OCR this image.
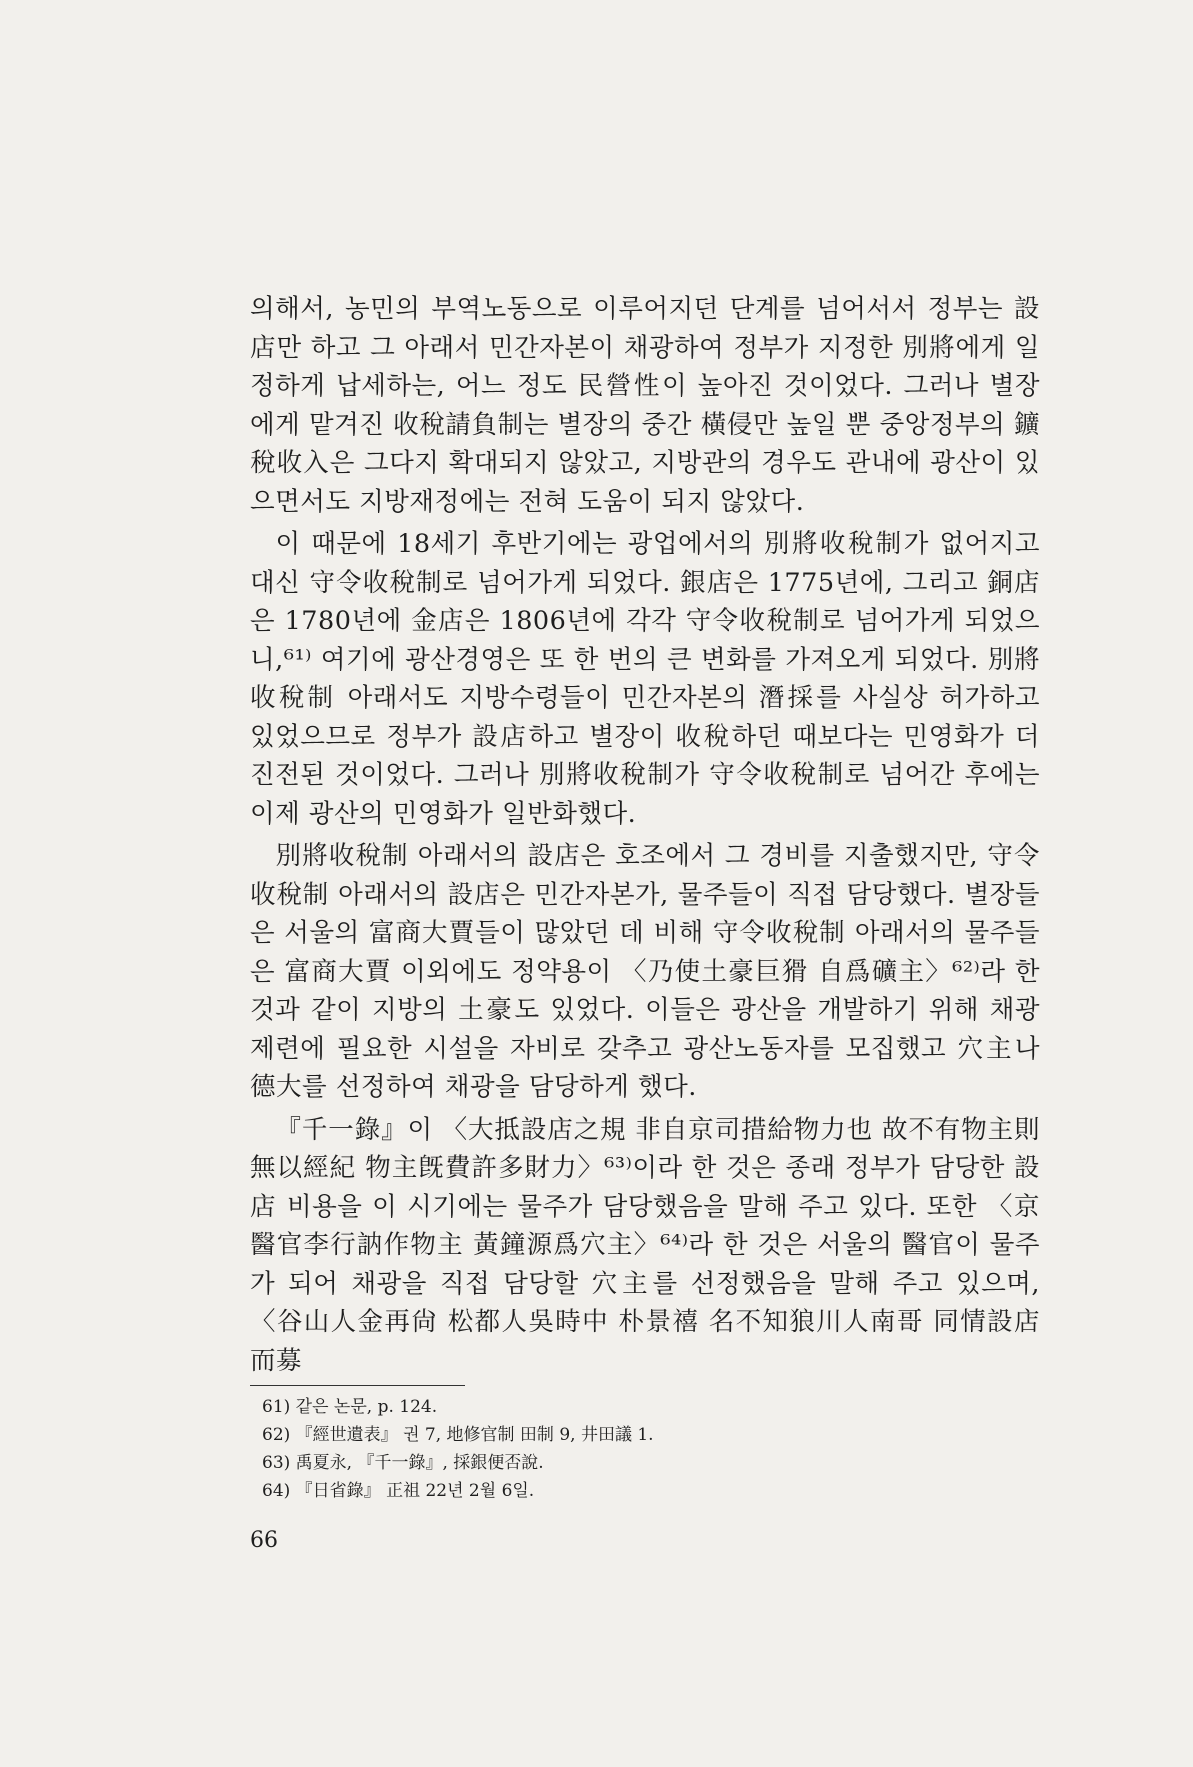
의해서, 농민의 부역노동으로 이루어지던 단계를 넘어서서 정부는 設店만 하고 그 아래서 민간자본이 채광하여 정부가 지정한 別將에게 일정하게 납세하는, 어느 정도 民營性이 높아진 것이었다. 그러나 별장에게 맡겨진 收稅請負制는 별장의 중간 橫侵만 높일 뿐 중앙정부의 鑛稅收入은 그다지 확대되지 않았고, 지방관의 경우도 관내에 광산이 있으면서도 지방재정에는 전혀 도움이 되지 않았다.

이 때문에 18세기 후반기에는 광업에서의 別將收稅制가 없어지고 대신 守令收稅制로 넘어가게 되었다. 銀店은 1775년에, 그리고 銅店은 1780년에 金店은 1806년에 각각 守令收稅制로 넘어가게 되었으니,⁶¹⁾ 여기에 광산경영은 또 한 번의 큰 변화를 가져오게 되었다. 別將收稅制 아래서도 지방수령들이 민간자본의 潛採를 사실상 허가하고 있었으므로 정부가 設店하고 별장이 收稅하던 때보다는 민영화가 더 진전된 것이었다. 그러나 別將收稅制가 守令收稅制로 넘어간 후에는 이제 광산의 민영화가 일반화했다.

別將收稅制 아래서의 設店은 호조에서 그 경비를 지출했지만, 守令收稅制 아래서의 設店은 민간자본가, 물주들이 직접 담당했다. 별장들은 서울의 富商大賈들이 많았던 데 비해 守令收稅制 아래서의 물주들은 富商大賈 이외에도 정약용이 〈乃使土豪巨猾 自爲礦主〉⁶²⁾라 한 것과 같이 지방의 土豪도 있었다. 이들은 광산을 개발하기 위해 채광 제련에 필요한 시설을 자비로 갖추고 광산노동자를 모집했고 穴主나 德大를 선정하여 채광을 담당하게 했다.

『千一錄』이 〈大抵設店之規 非自京司措給物力也 故不有物主則無以經紀 物主旣費許多財力〉⁶³⁾이라 한 것은 종래 정부가 담당한 設店 비용을 이 시기에는 물주가 담당했음을 말해 주고 있다. 또한 〈京醫官李行訥作物主 黃鐘源爲穴主〉⁶⁴⁾라 한 것은 서울의 醫官이 물주가 되어 채광을 직접 담당할 穴主를 선정했음을 말해 주고 있으며, 〈谷山人金再尙 松都人吳時中 朴景禧 名不知狼川人南哥 同情設店 而募

61) 같은 논문, p. 124.
62) 『經世遺表』 권 7, 地修官制 田制 9, 井田議 1.
63) 禹夏永, 『千一錄』, 採銀便否說.
64) 『日省錄』 正祖 22년 2월 6일.
66
